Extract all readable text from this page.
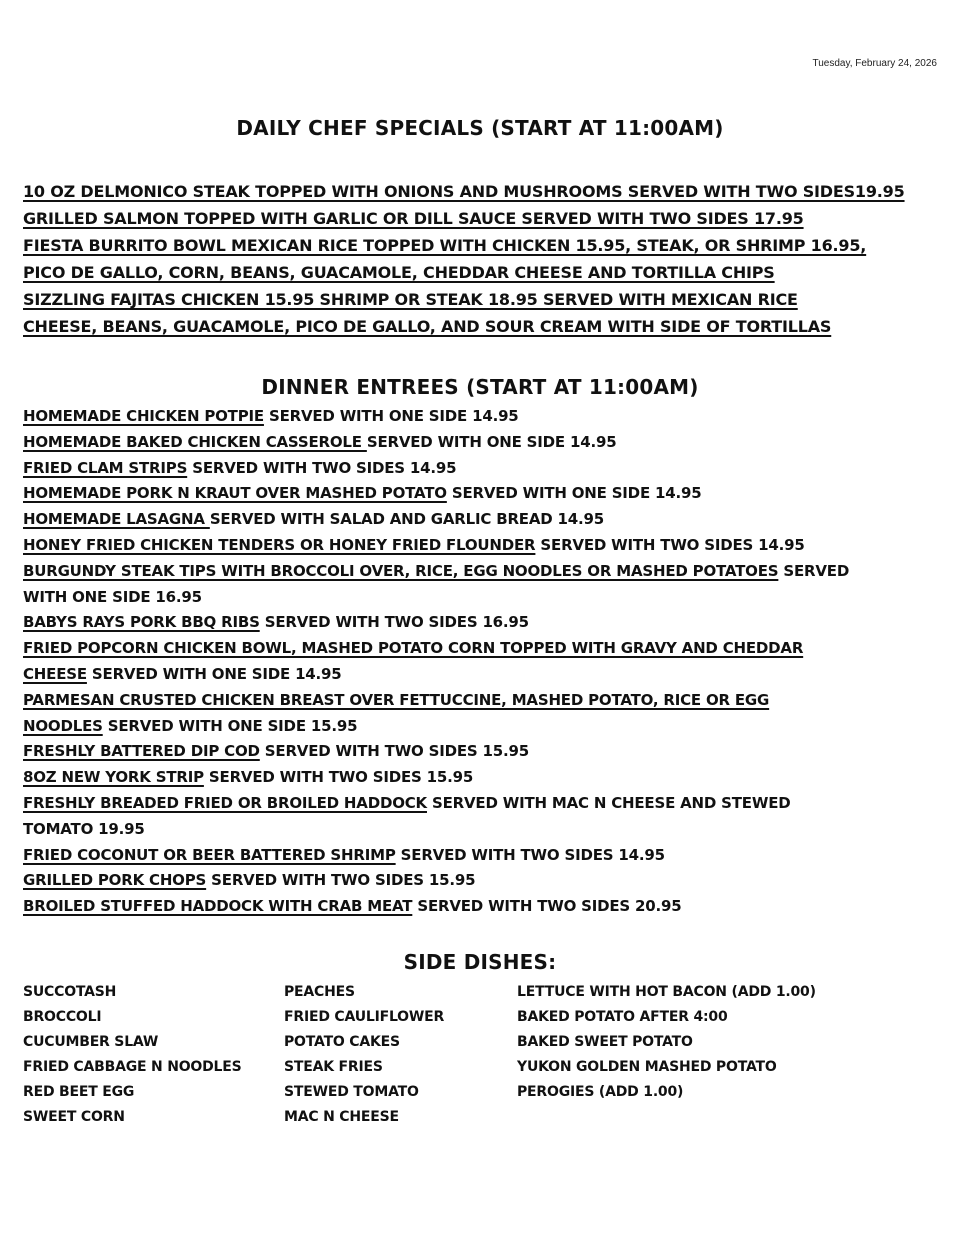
Tuesday, February 24, 2026
DAILY CHEF SPECIALS (START AT 11:00AM)
10 OZ DELMONICO STEAK TOPPED WITH ONIONS AND MUSHROOMS SERVED WITH TWO SIDES19.95
GRILLED SALMON TOPPED WITH GARLIC OR DILL SAUCE SERVED WITH TWO SIDES 17.95
FIESTA BURRITO BOWL MEXICAN RICE TOPPED WITH CHICKEN 15.95, STEAK, OR SHRIMP 16.95,
PICO DE GALLO, CORN, BEANS, GUACAMOLE, CHEDDAR CHEESE AND TORTILLA CHIPS
SIZZLING FAJITAS CHICKEN 15.95 SHRIMP OR STEAK 18.95 SERVED WITH MEXICAN RICE
CHEESE, BEANS, GUACAMOLE, PICO DE GALLO, AND SOUR CREAM WITH SIDE OF TORTILLAS
DINNER ENTREES (START AT 11:00AM)
HOMEMADE CHICKEN POTPIE SERVED WITH ONE SIDE 14.95
HOMEMADE BAKED CHICKEN CASSEROLE SERVED WITH ONE SIDE 14.95
FRIED CLAM STRIPS SERVED WITH TWO SIDES 14.95
HOMEMADE PORK N KRAUT OVER MASHED POTATO SERVED WITH ONE SIDE 14.95
HOMEMADE LASAGNA SERVED WITH SALAD AND GARLIC BREAD 14.95
HONEY FRIED CHICKEN TENDERS OR HONEY FRIED FLOUNDER SERVED WITH TWO SIDES 14.95
BURGUNDY STEAK TIPS WITH BROCCOLI OVER, RICE, EGG NOODLES OR MASHED POTATOES SERVED
WITH ONE SIDE 16.95
BABYS RAYS PORK BBQ RIBS SERVED WITH TWO SIDES 16.95
FRIED POPCORN CHICKEN BOWL, MASHED POTATO CORN TOPPED WITH GRAVY AND CHEDDAR
CHEESE SERVED WITH ONE SIDE 14.95
PARMESAN CRUSTED CHICKEN BREAST OVER FETTUCCINE, MASHED POTATO, RICE OR EGG
NOODLES SERVED WITH ONE SIDE 15.95
FRESHLY BATTERED DIP COD SERVED WITH TWO SIDES 15.95
8OZ NEW YORK STRIP SERVED WITH TWO SIDES 15.95
FRESHLY BREADED FRIED OR BROILED HADDOCK SERVED WITH MAC N CHEESE AND STEWED
TOMATO 19.95
FRIED COCONUT OR BEER BATTERED SHRIMP SERVED WITH TWO SIDES 14.95
GRILLED PORK CHOPS SERVED WITH TWO SIDES 15.95
BROILED STUFFED HADDOCK WITH CRAB MEAT SERVED WITH TWO SIDES 20.95
SIDE DISHES:
SUCCOTASH
BROCCOLI
CUCUMBER SLAW
FRIED CABBAGE N NOODLES
RED BEET EGG
SWEET CORN
PEACHES
FRIED CAULIFLOWER
POTATO CAKES
STEAK FRIES
STEWED TOMATO
MAC N CHEESE
LETTUCE WITH HOT BACON (ADD 1.00)
BAKED POTATO AFTER 4:00
BAKED SWEET POTATO
YUKON GOLDEN MASHED POTATO
PEROGIES (ADD 1.00)
